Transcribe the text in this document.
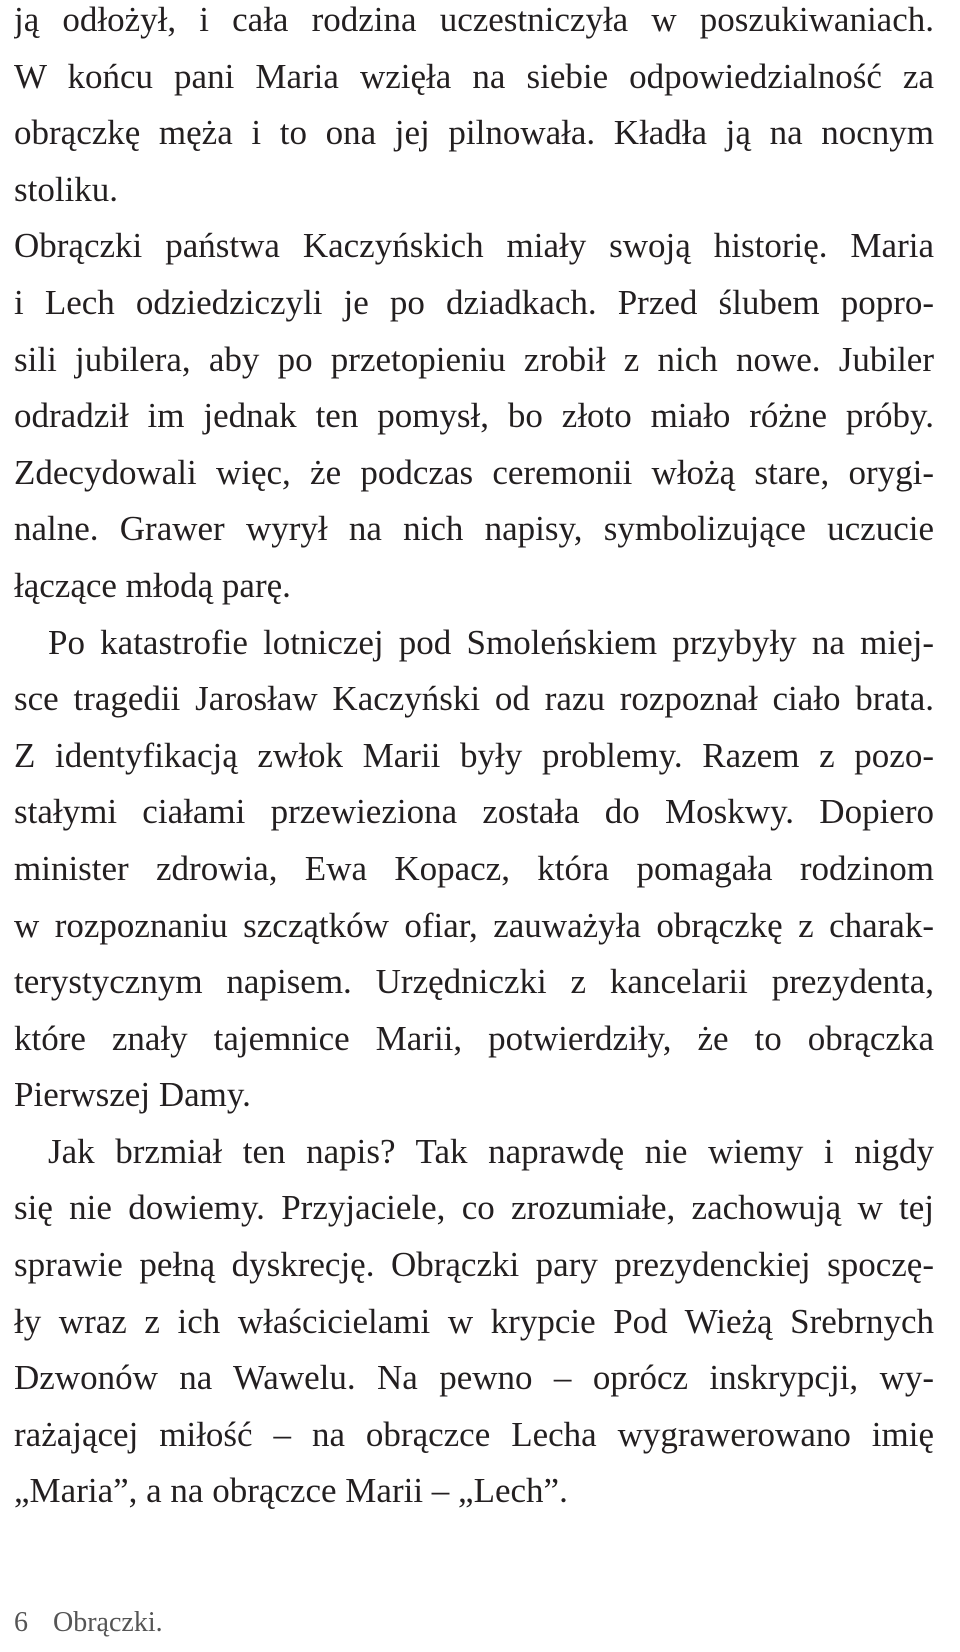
ją odłożył, i cała rodzina uczestniczyła w poszukiwaniach.
W końcu pani Maria wzięła na siebie odpowiedzialność za
obrączkę męża i to ona jej pilnowała. Kładła ją na nocnym
stoliku.
Obrączki państwa Kaczyńskich miały swoją historię. Maria
i Lech odziedziczyli je po dziadkach. Przed ślubem popro-
sili jubilera, aby po przetopieniu zrobił z nich nowe. Jubiler
odradził im jednak ten pomysł, bo złoto miało różne próby.
Zdecydowali więc, że podczas ceremonii włożą stare, orygi-
nalne. Grawer wyrył na nich napisy, symbolizujące uczucie
łączące młodą parę.
Po katastrofie lotniczej pod Smoleńskiem przybyły na miej-
sce tragedii Jarosław Kaczyński od razu rozpoznał ciało brata.
Z identyfikacją zwłok Marii były problemy. Razem z pozo-
stałymi ciałami przewieziona została do Moskwy. Dopiero
minister zdrowia, Ewa Kopacz, która pomagała rodzinom
w rozpoznaniu szczątków ofiar, zauważyła obrączkę z charak-
terystycznym napisem. Urzędniczki z kancelarii prezydenta,
które znały tajemnice Marii, potwierdziły, że to obrączka
Pierwszej Damy.
Jak brzmiał ten napis? Tak naprawdę nie wiemy i nigdy
się nie dowiemy. Przyjaciele, co zrozumiałe, zachowują w tej
sprawie pełną dyskrecję. Obrączki pary prezydenckiej spoczę-
ły wraz z ich właścicielami w krypcie Pod Wieżą Srebrnych
Dzwonów na Wawelu. Na pewno – oprócz inskrypcji, wy-
rażającej miłość – na obrączce Lecha wygrawerowano imię
„Maria”, a na obrączce Marii – „Lech”.
6 Obrączki.
